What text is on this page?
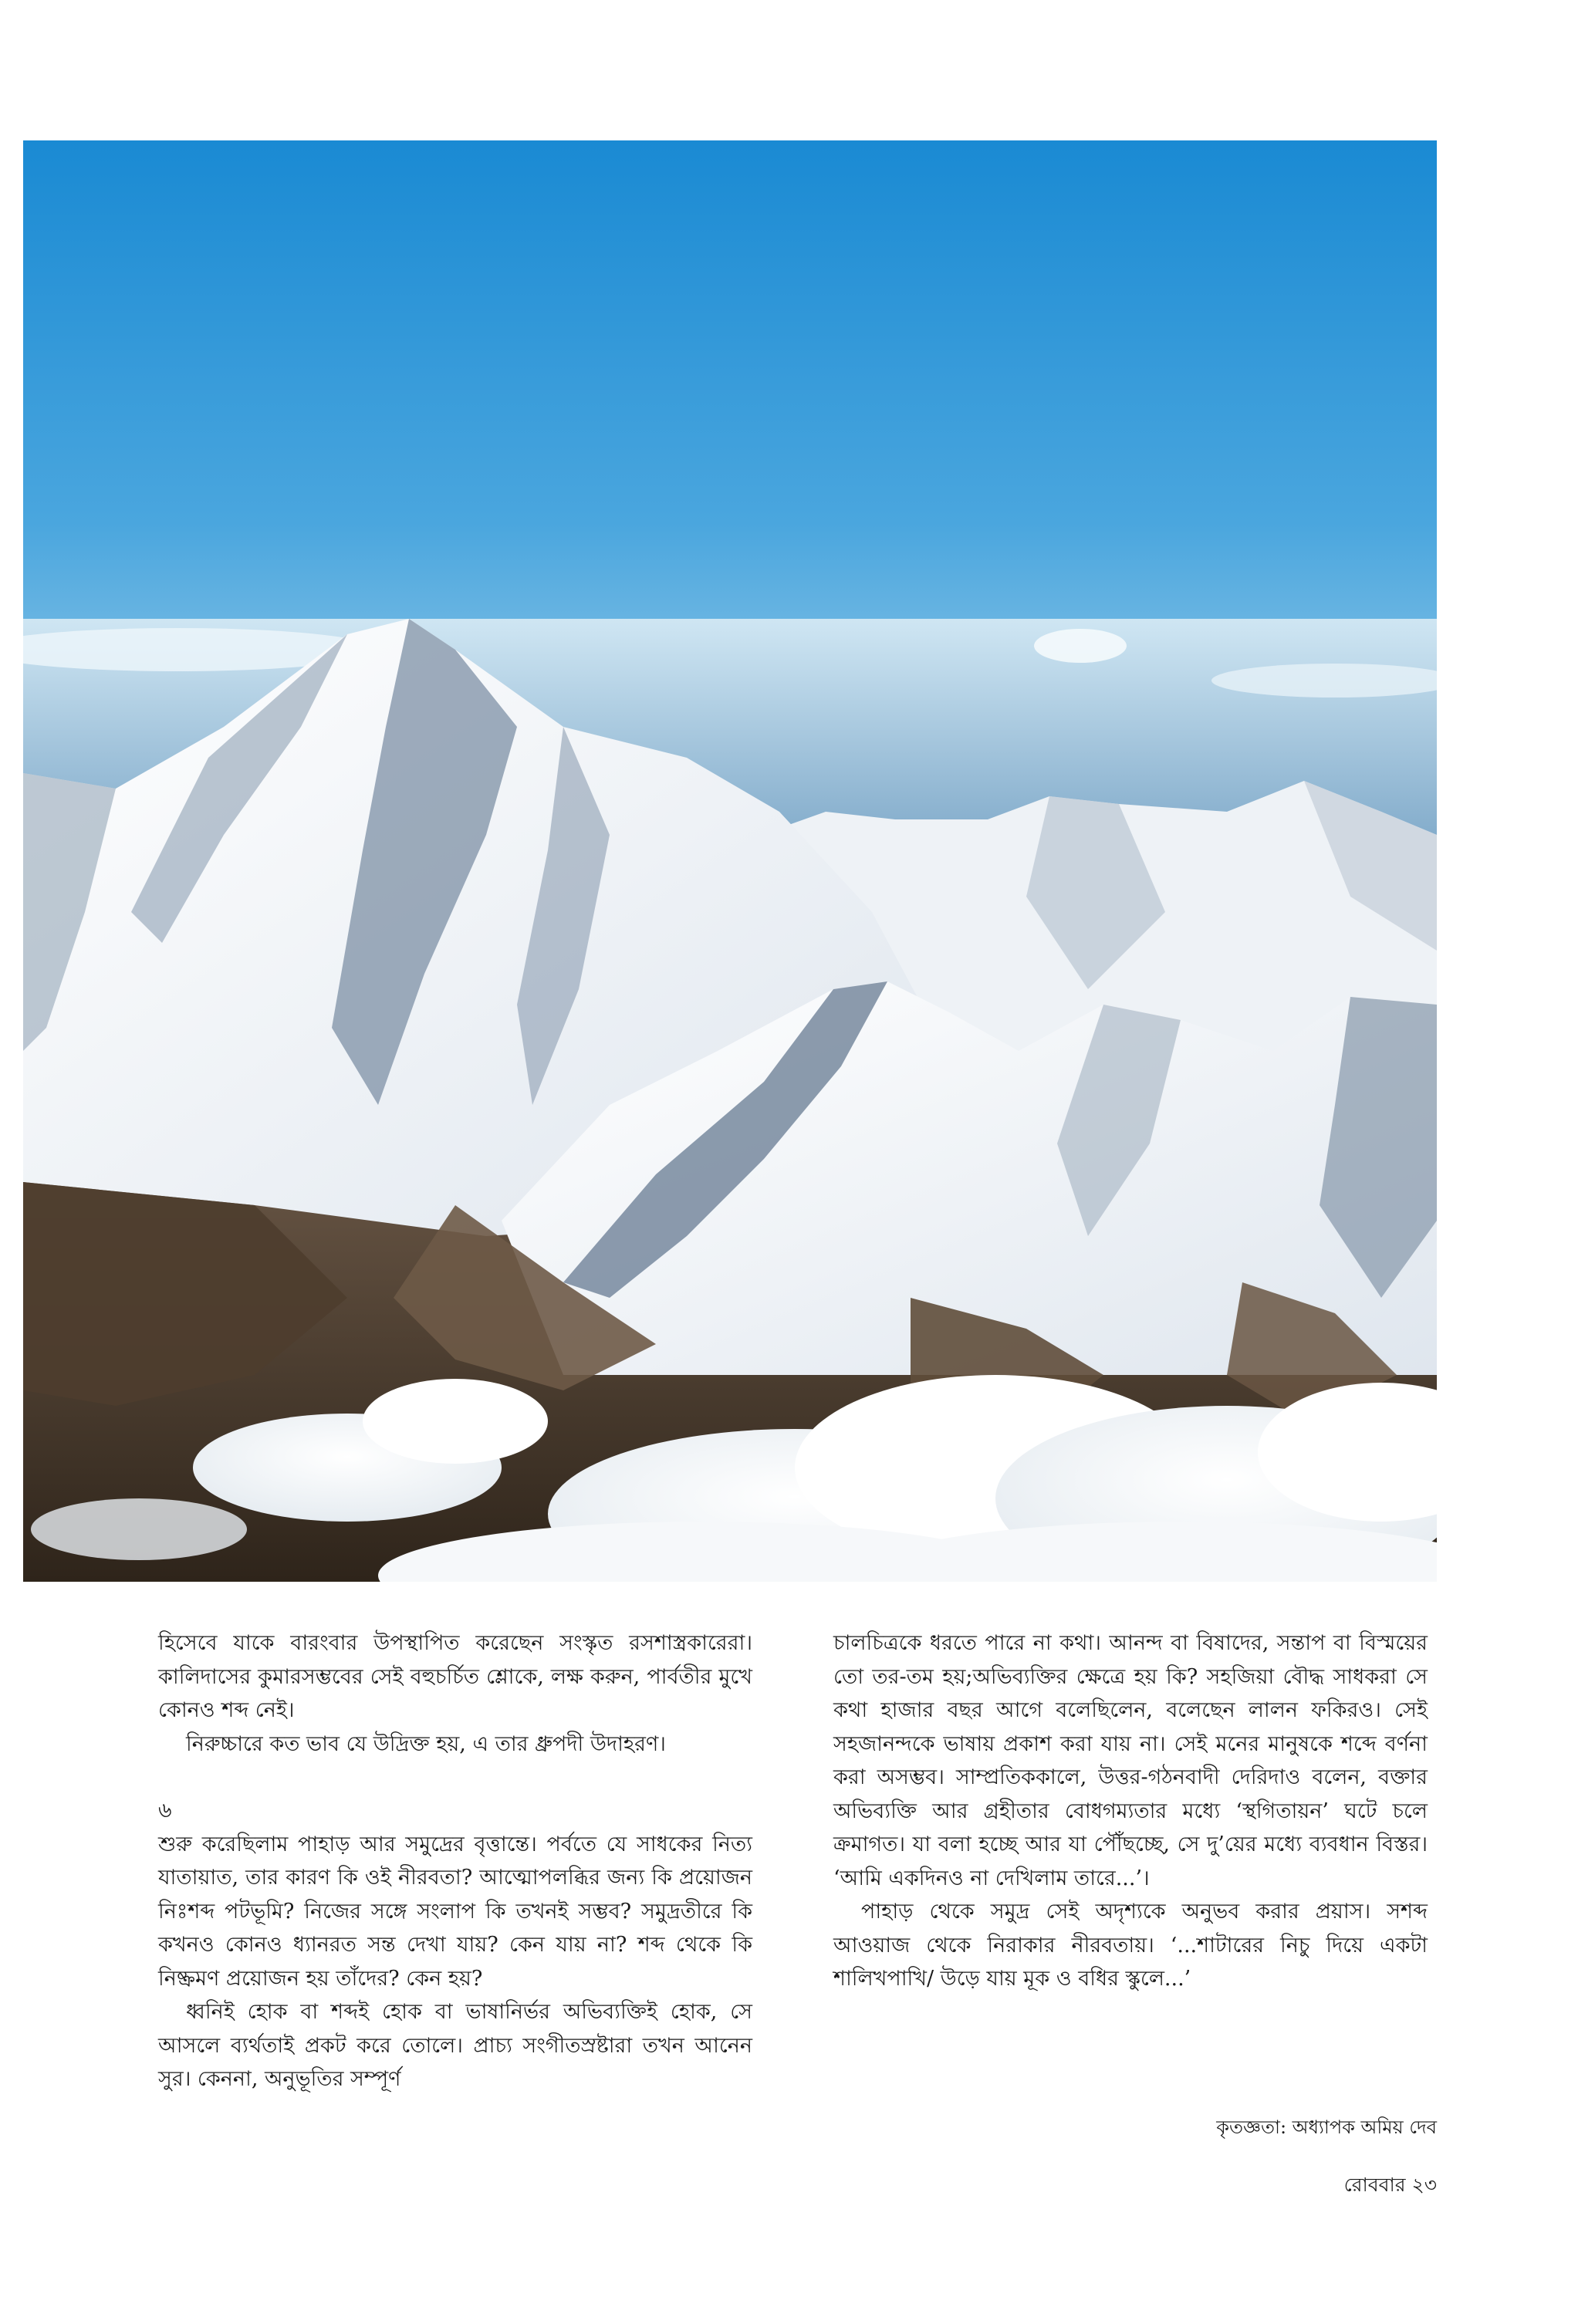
হিসেবে যাকে বারংবার উপস্থাপিত করেছেন সংস্কৃত রসশাস্ত্রকারেরা। কালিদাসের কুমারসম্ভবের সেই বহুচর্চিত শ্লোকে, লক্ষ করুন, পার্বতীর মুখে কোনও শব্দ নেই।

নিরুচ্চারে কত ভাব যে উদ্রিক্ত হয়, এ তার ধ্রুপদী উদাহরণ।

৬

শুরু করেছিলাম পাহাড় আর সমুদ্রের বৃত্তান্তে। পর্বতে যে সাধকের নিত্য যাতায়াত, তার কারণ কি ওই নীরবতা? আত্মোপলব্ধির জন্য কি প্রয়োজন নিঃশব্দ পটভূমি? নিজের সঙ্গে সংলাপ কি তখনই সম্ভব? সমুদ্রতীরে কি কখনও কোনও ধ্যানরত সন্ত দেখা যায়? কেন যায় না? শব্দ থেকে কি নিষ্ক্রমণ প্রয়োজন হয় তাঁদের? কেন হয়?

ধ্বনিই হোক বা শব্দই হোক বা ভাষানির্ভর অভিব্যক্তিই হোক, সে আসলে ব্যর্থতাই প্রকট করে তোলে। প্রাচ্য সংগীতস্রষ্টারা তখন আনেন সুর। কেননা, অনুভূতির সম্পূর্ণ

চালচিত্রকে ধরতে পারে না কথা। আনন্দ বা বিষাদের, সন্তাপ বা বিস্ময়ের তো তর-তম হয়;অভিব্যক্তির ক্ষেত্রে হয় কি? সহজিয়া বৌদ্ধ সাধকরা সে কথা হাজার বছর আগে বলেছিলেন, বলেছেন লালন ফকিরও। সেই সহজানন্দকে ভাষায় প্রকাশ করা যায় না। সেই মনের মানুষকে শব্দে বর্ণনা করা অসম্ভব। সাম্প্রতিককালে, উত্তর-গঠনবাদী দেরিদাও বলেন, বক্তার অভিব্যক্তি আর গ্রহীতার বোধগম্যতার মধ্যে ‘স্থগিতায়ন’ ঘটে চলে ক্রমাগত। যা বলা হচ্ছে আর যা পৌঁছচ্ছে, সে দু’য়ের মধ্যে ব্যবধান বিস্তর। ‘আমি একদিনও না দেখিলাম তারে...’।

পাহাড় থেকে সমুদ্র সেই অদৃশ্যকে অনুভব করার প্রয়াস। সশব্দ আওয়াজ থেকে নিরাকার নীরবতায়। ‘...শাটারের নিচু দিয়ে একটা শালিখপাখি/ উড়ে যায় মূক ও বধির স্কুলে...’

কৃতজ্ঞতা: অধ্যাপক অমিয় দেব
রোববার ২৩
